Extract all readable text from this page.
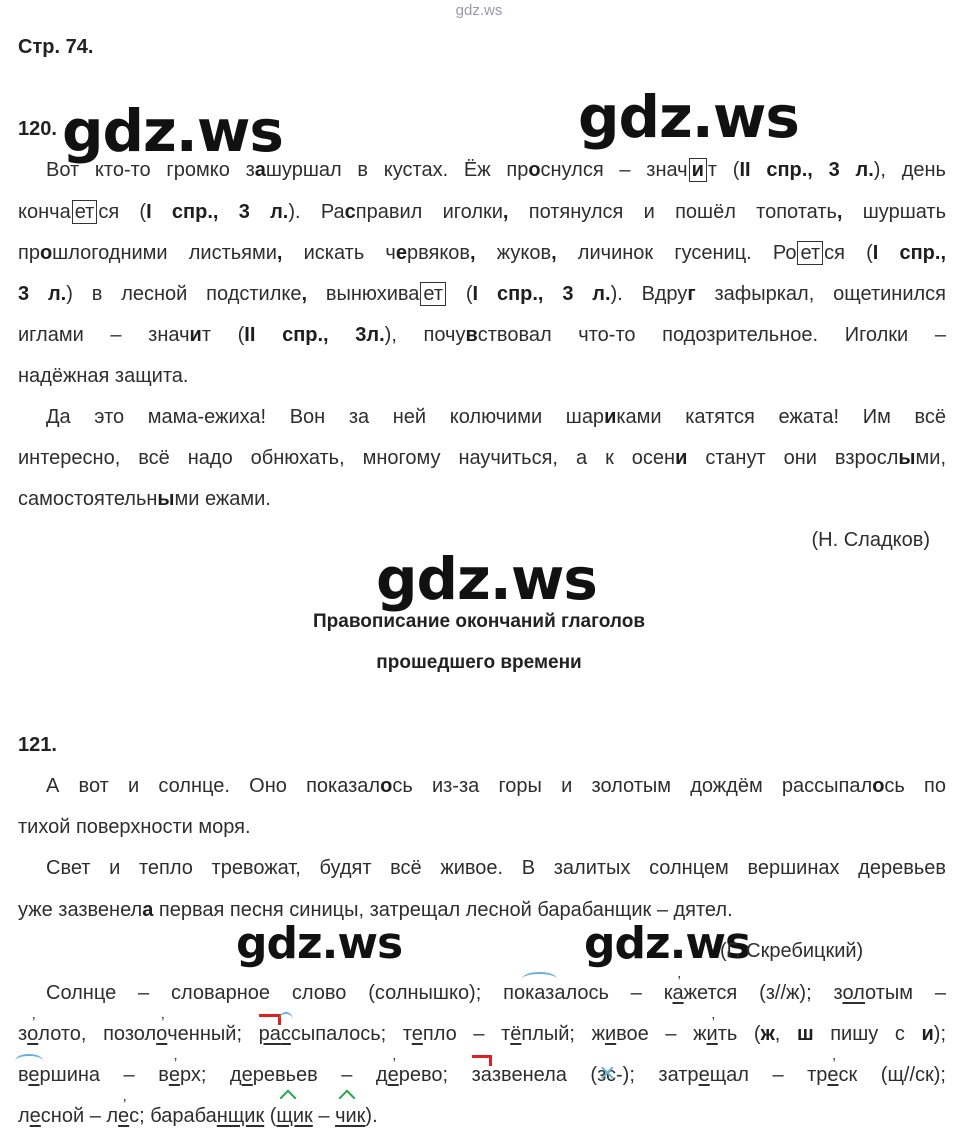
gdz.ws
Стр. 74.
120. gdz.ws	gdz.ws
Вот кто-то громко зашуршал в кустах. Ёж проснулся – знач и т (II спр., 3 л.), день
конча ет ся (I спр., 3 л.). Расправил иголки, потянулся и пошёл топотать, шуршать
прошлогодними листьями, искать червяков, жуков, личинок гусениц. Ро ет ся (I спр.,
3 л.) в лесной подстилке, вынюхива ет (I спр., 3 л.). Вдруг зафыркал, ощетинился
иглами – значит (II спр., 3л.), почувствовал что-то подозрительное. Иголки –
надёжная защита.
Да это мама-ежиха! Вон за ней колючими шариками катятся ежата! Им всё
интересно, всё надо обнюхать, многому научиться, а к осени станут они взрослыми,
самостоятельными ежами.
(Н. Сладков)
gdz.ws
Правописание окончаний глаголов
прошедшего времени
121.
А вот и солнце. Оно показалось из-за горы и золотым дождём рассыпалось по
тихой поверхности моря.
Свет и тепло тревожат, будят всё живое. В залитых солнцем вершинах деревьев
уже зазвенела первая песня синицы, затрещал лесной барабанщик – дятел.
gdz.ws	gdz.ws
(Г. Скребицкий)
Солнце – словарное слово (солнышко); показалось – ка ’жется (з//ж); золотым –
зо ’лото, позоло ’ченный; рассыпалось; тепло – тёплый; живое – жи ’ть (ж, ш пишу с и);
вершина – ве ’рх; деревьев – де ’рево; зазвенела (зс ×-); затрещал – тре ’ск (щ//ск);
лесной – ле ’с; барабанщик (щик – чик).
